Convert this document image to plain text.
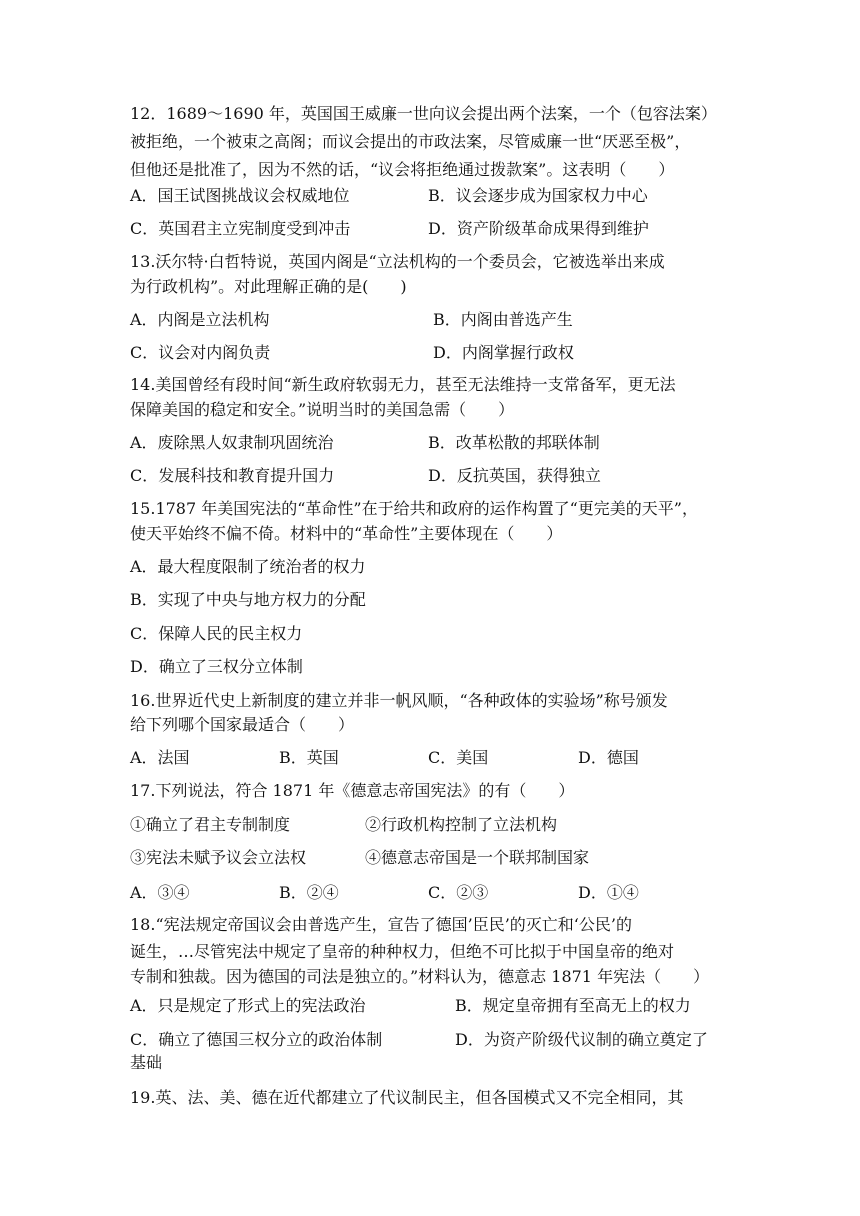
12．1689～1690 年，英国国王威廉一世向议会提出两个法案，一个（包容法案）
被拒绝，一个被束之高阁；而议会提出的市政法案，尽管威廉一世“厌恶至极”，
但他还是批准了，因为不然的话，“议会将拒绝通过拨款案”。这表明（　　）
A．国王试图挑战议会权威地位	B．议会逐步成为国家权力中心
C．英国君主立宪制度受到冲击	D．资产阶级革命成果得到维护
13.沃尔特·白哲特说，英国内阁是“立法机构的一个委员会，它被选举出来成
为行政机构”。对此理解正确的是(　　)
A．内阁是立法机构	B．内阁由普选产生
C．议会对内阁负责	D．内阁掌握行政权
14.美国曾经有段时间“新生政府软弱无力，甚至无法维持一支常备军，更无法
保障美国的稳定和安全。”说明当时的美国急需（　　）
A．废除黑人奴隶制巩固统治	B．改革松散的邦联体制
C．发展科技和教育提升国力	D．反抗英国，获得独立
15.1787 年美国宪法的“革命性”在于给共和政府的运作构置了“更完美的天平”，
使天平始终不偏不倚。材料中的“革命性”主要体现在（　　）
A．最大程度限制了统治者的权力
B．实现了中央与地方权力的分配
C．保障人民的民主权力
D．确立了三权分立体制
16.世界近代史上新制度的建立并非一帆风顺，“各种政体的实验场”称号颁发
给下列哪个国家最适合（　　）
A．法国	B．英国	C．美国	D．德国
17.下列说法，符合 1871 年《德意志帝国宪法》的有（　　）
①确立了君主专制制度	②行政机构控制了立法机构
③宪法未赋予议会立法权	④德意志帝国是一个联邦制国家
A．③④	B．②④	C．②③	D．①④
18.“宪法规定帝国议会由普选产生，宣告了德国’臣民’的灭亡和‘公民’的
诞生，…尽管宪法中规定了皇帝的种种权力，但绝不可比拟于中国皇帝的绝对
专制和独裁。因为德国的司法是独立的。”材料认为，德意志 1871 年宪法（　　）
A．只是规定了形式上的宪法政治	B．规定皇帝拥有至高无上的权力
C．确立了德国三权分立的政治体制	D．为资产阶级代议制的确立奠定了
基础
19.英、法、美、德在近代都建立了代议制民主，但各国模式又不完全相同，其
